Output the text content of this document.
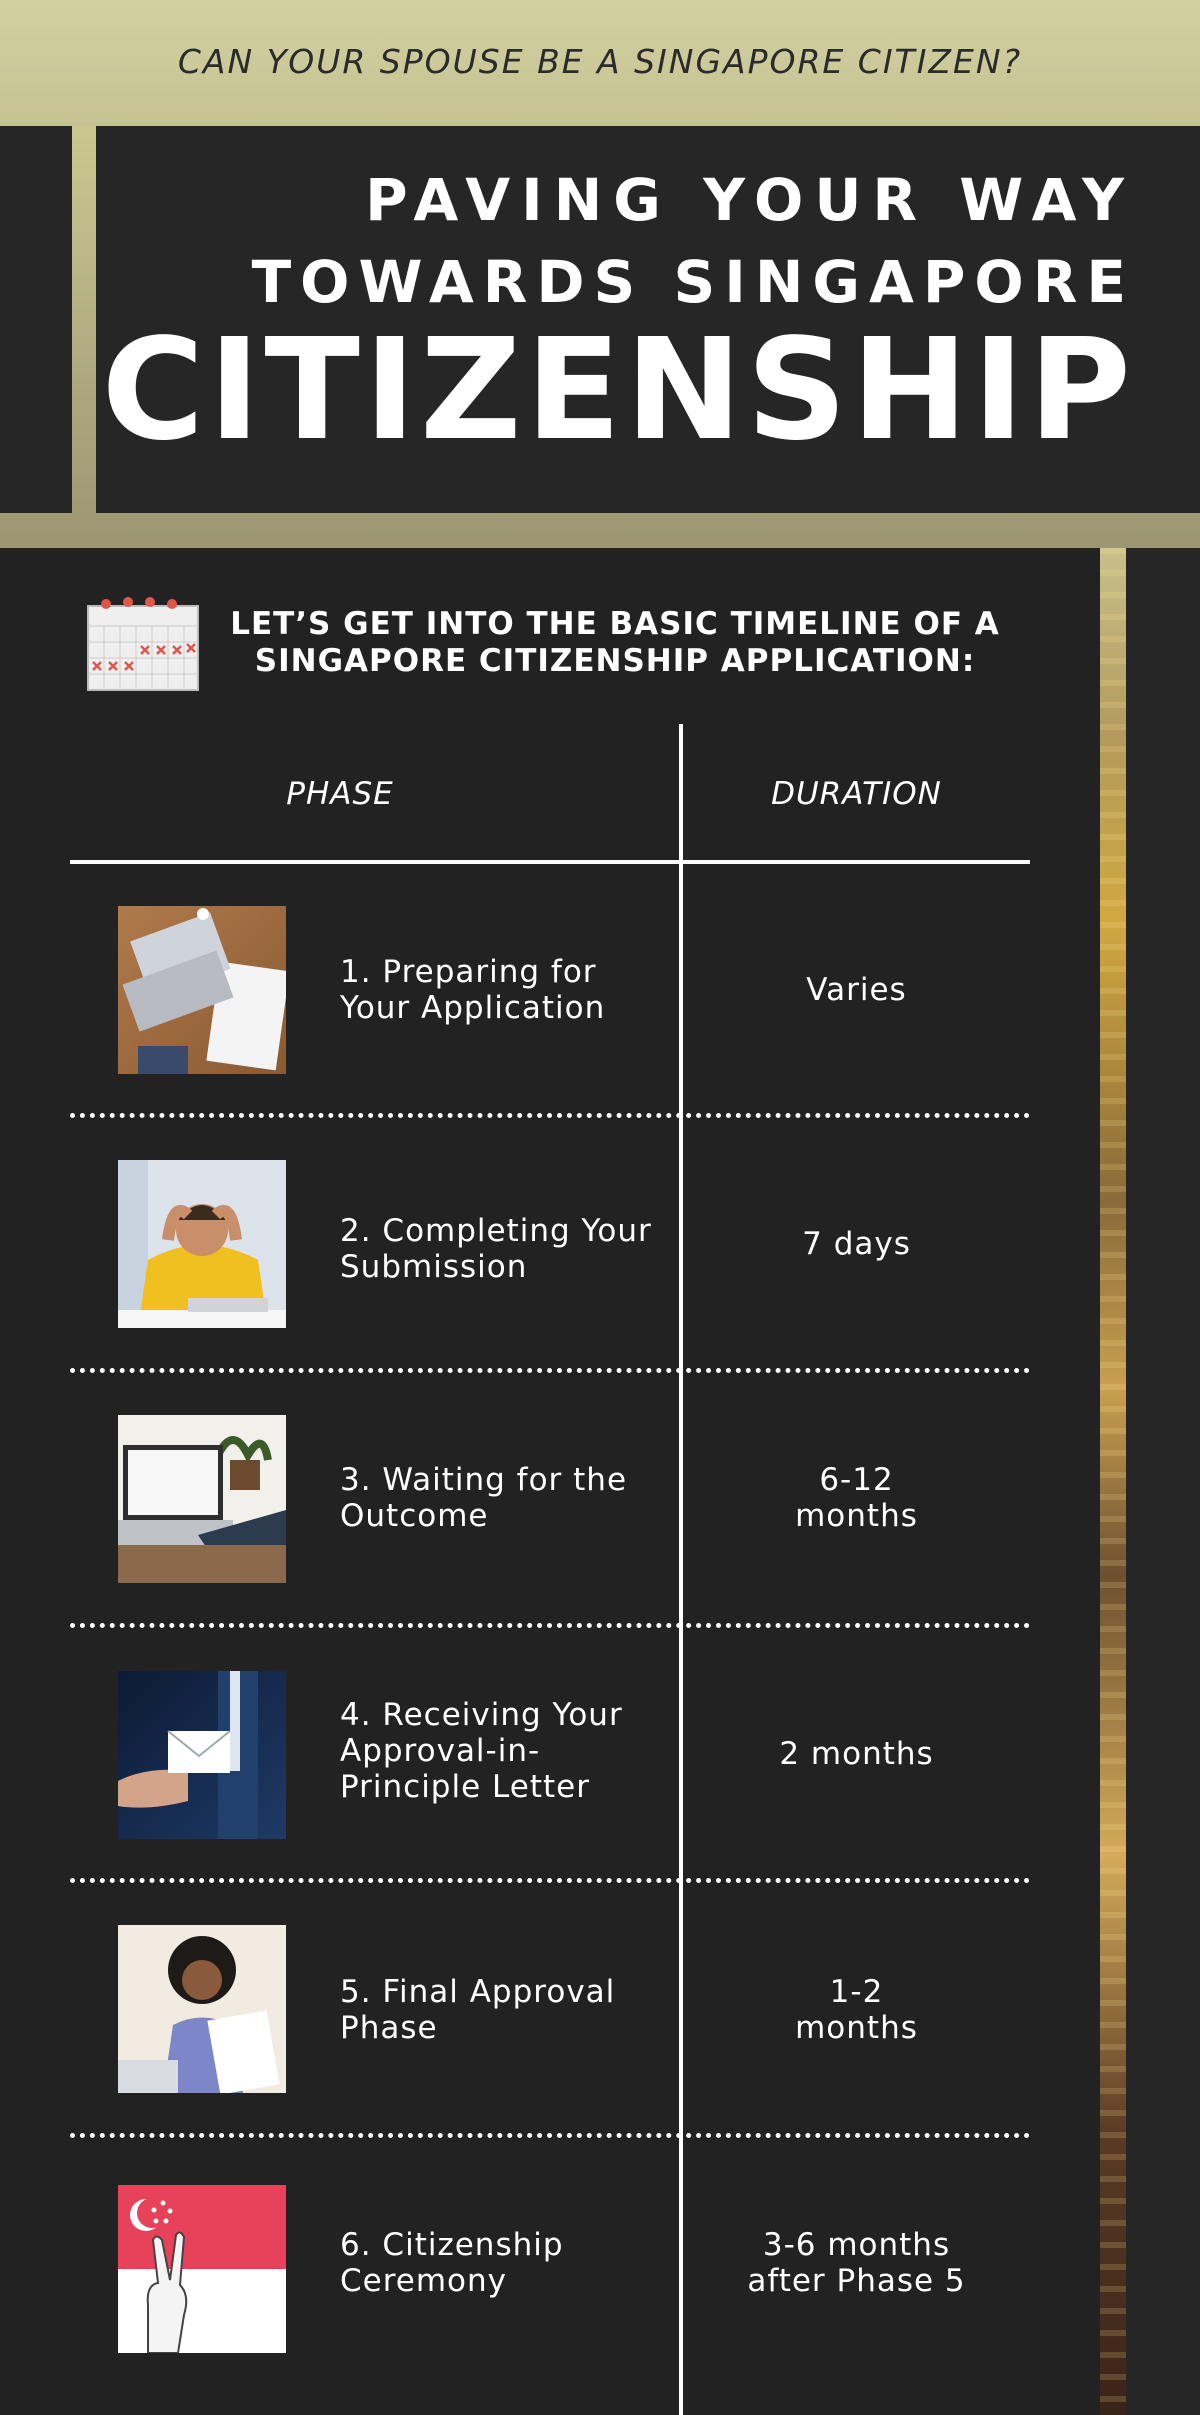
CAN YOUR SPOUSE BE A SINGAPORE CITIZEN?
PAVING YOUR WAY
TOWARDS SINGAPORE
CITIZENSHIP
LET’S GET INTO THE BASIC TIMELINE OF A
SINGAPORE CITIZENSHIP APPLICATION:
PHASE	DURATION
1. Preparing for
Your Application	Varies
2. Completing Your
Submission
7 days
3. Waiting for the
Outcome
6-12
months
4. Receiving Your
Approval-in-
Principle Letter
2 months
5. Final Approval
Phase
1-2
months
6. Citizenship
Ceremony
3-6 months
after Phase 5
